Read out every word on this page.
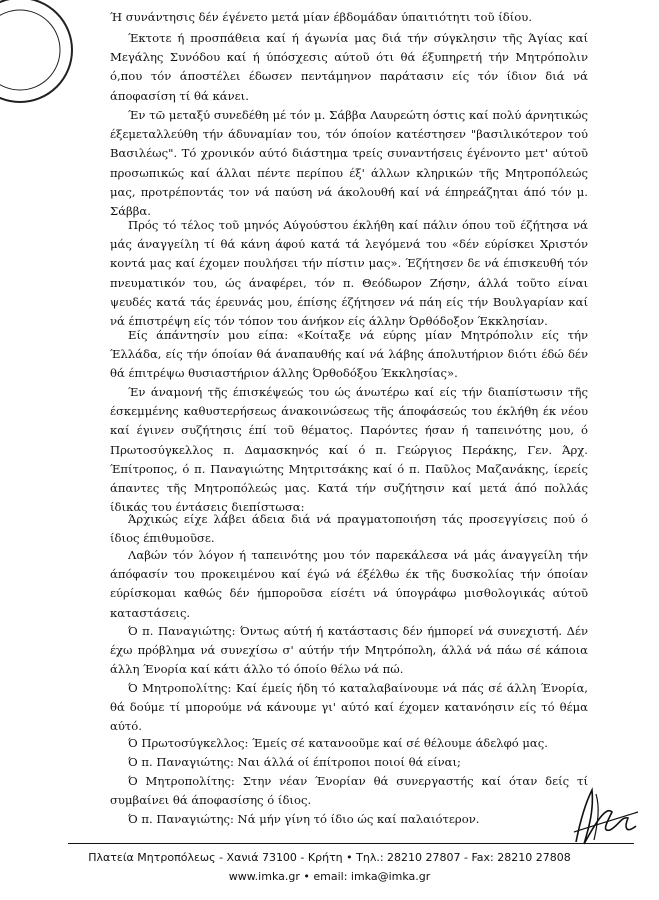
Ή συνάντησις δέν έγένετο μετά μίαν έβδομάδαν ύπαιτιότητι τοῦ ίδίου.

Έκτοτε ή προσπάθεια καί ή άγωνία μας διά τήν σύγκλησιν τῆς Άγίας καί Μεγάλης Συνόδου καί ή ύπόσχεσις αύτοῦ ότι θά έξυπηρετή τήν Μητρόπολιν ό,που τόν άποστέλει έδωσεν πεντάμηνον παράτασιν είς τόν ίδιον διά νά άποφασίση τί θά κάνει.

Έν τῶ μεταξύ συνεδέθη μέ τόν μ. Σάββα Λαυρεώτη όστις καί πολύ άρνητικώς έξεμεταλλεύθη τήν άδυναμίαν του, τόν όποίον κατέστησεν "βασιλικότερον τού Βασιλέως". Τό χρονικόν αύτό διάστημα τρείς συναντήσεις έγένοντο μετ' αύτοῦ προσωπικώς καί άλλαι πέντε περίπου έξ' άλλων κληρικών τῆς Μητροπόλεώς μας, προτρέποντάς τον νά παύση νά άκολουθή καί νά έπηρεάζηται άπό τόν μ. Σάββα.

Πρός τό τέλος τοῦ μηνός Αύγούστου έκλήθη καί πάλιν όπου τοῦ έζήτησα νά μάς άναγγείλη τί θά κάνη άφού κατά τά λεγόμενά του «δέν εύρίσκει Χριστόν κοντά μας καί έχομεν πουλήσει τήν πίστιν μας». Έζήτησεν δε νά έπισκευθή τόν πνευματικόν του, ώς άναφέρει, τόν π. Θεόδωρον Ζήσην, άλλά τοῦτο είναι ψευδές κατά τάς έρευνάς μου, έπίσης έζήτησεν νά πάη είς τήν Βουλγαρίαν καί νά έπιστρέψη είς τόν τόπον του άνήκον είς άλλην Όρθόδοξον Έκκλησίαν.

Είς άπάντησίν μου είπα: «Κοίταξε νά εύρης μίαν Μητρόπολιν είς τήν Έλλάδα, είς τήν όποίαν θά άναπαυθής καί νά λάβης άπολυτήριον διότι έδώ δέν θά έπιτρέψω θυσιαστήριον άλλης Όρθοδόξου Έκκλησίας».

Έν άναμονή τῆς έπισκέψεώς του ώς άνωτέρω καί είς τήν διαπίστωσιν τῆς έσκεμμένης καθυστερήσεως άνακοινώσεως τῆς άποφάσεώς του έκλήθη έκ νέου καί έγινεν συζήτησις έπί τοῦ θέματος. Παρόντες ήσαν ή ταπεινότης μου, ό Πρωτοσύγκελλος π. Δαμασκηνός καί ό π. Γεώργιος Περάκης, Γεν. Άρχ. Έπίτροπος, ό π. Παναγιώτης Μητριτσάκης καί ό π. Παῦλος Μαζανάκης, ίερείς άπαντες τῆς Μητροπόλεώς μας. Κατά τήν συζήτησιν καί μετά άπό πολλάς ίδικάς του έντάσεις διεπίστωσα:

Άρχικώς είχε λάβει άδεια διά νά πραγματοποιήση τάς προσεγγίσεις πού ό ίδιος έπιθυμοῦσε.

Λαβών τόν λόγον ή ταπεινότης μου τόν παρεκάλεσα νά μάς άναγγείλη τήν άπόφασίν του προκειμένου καί έγώ νά έξέλθω έκ τῆς δυσκολίας τήν όποίαν εύρίσκομαι καθώς δέν ήμποροῦσα είσέτι νά ύπογράφω μισθολογικάς αύτοῦ καταστάσεις.

Ό π. Παναγιώτης: Όντως αύτή ή κατάστασις δέν ήμπορεί νά συνεχιστή. Δέν έχω πρόβλημα νά συνεχίσω σ' αύτήν τήν Μητρόπολη, άλλά νά πάω σέ κάποια άλλη Ένορία καί κάτι άλλο τό όποίο θέλω νά πώ.

Ό Μητροπολίτης: Καί έμείς ήδη τό καταλαβαίνουμε νά πάς σέ άλλη Ένορία, θά δούμε τί μπορούμε νά κάνουμε γι' αύτό καί έχομεν κατανόησιν είς τό θέμα αύτό.

Ό Πρωτοσύγκελλος: Έμείς σέ κατανοοῦμε καί σέ θέλουμε άδελφό μας.

Ό π. Παναγιώτης: Ναι άλλά οί έπίτροποι ποιοί θά είναι;

Ό Μητροπολίτης: Στην νέαν Ένορίαν θά συνεργαστής καί όταν δείς τί συμβαίνει θά άποφασίσης ό ίδιος.

Ό π. Παναγιώτης: Νά μήν γίνη τό ίδιο ώς καί παλαιότερον.

Πλατεία Μητροπόλεως - Χανιά 73100 - Κρήτη • Τηλ.: 28210 27807 - Fax: 28210 27808
www.imka.gr • email: imka@imka.gr
